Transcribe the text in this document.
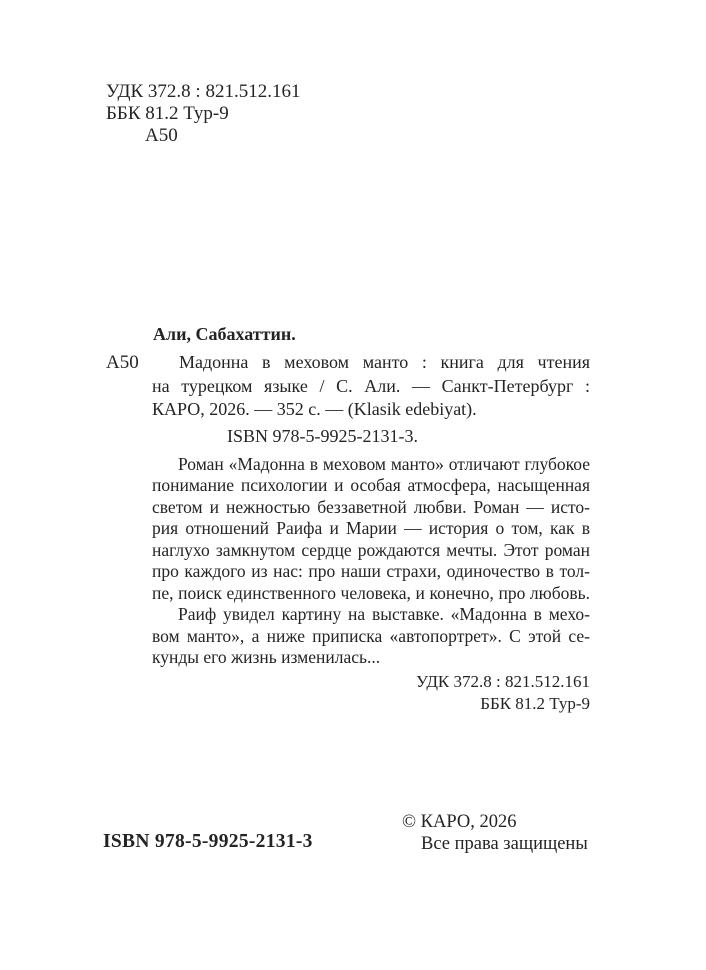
УДК 372.8 : 821.512.161
ББК 81.2 Тур-9
А50
Али, Сабахаттин.
А50	Мадонна в меховом манто : книга для чтения
на турецком языке / С. Али. — Санкт-Петербург :
КАРО, 2026. — 352 с. — (Klasik edebiyat).
ISBN 978-5-9925-2131-3.
Роман «Мадонна в меховом манто» отличают глубокое
понимание психологии и особая атмосфера, насыщенная
светом и нежностью беззаветной любви. Роман — исто-
рия отношений Раифа и Марии — история о том, как в
наглухо замкнутом сердце рождаются мечты. Этот роман
про каждого из нас: про наши страхи, одиночество в тол-
пе, поиск единственного человека, и конечно, про любовь.
Раиф увидел картину на выставке. «Мадонна в мехо-
вом манто», а ниже приписка «автопортрет». С этой се-
кунды его жизнь изменилась...
УДК 372.8 : 821.512.161
ББК 81.2 Тур-9
© КАРО, 2026
Все права защищены
ISBN 978-5-9925-2131-3
